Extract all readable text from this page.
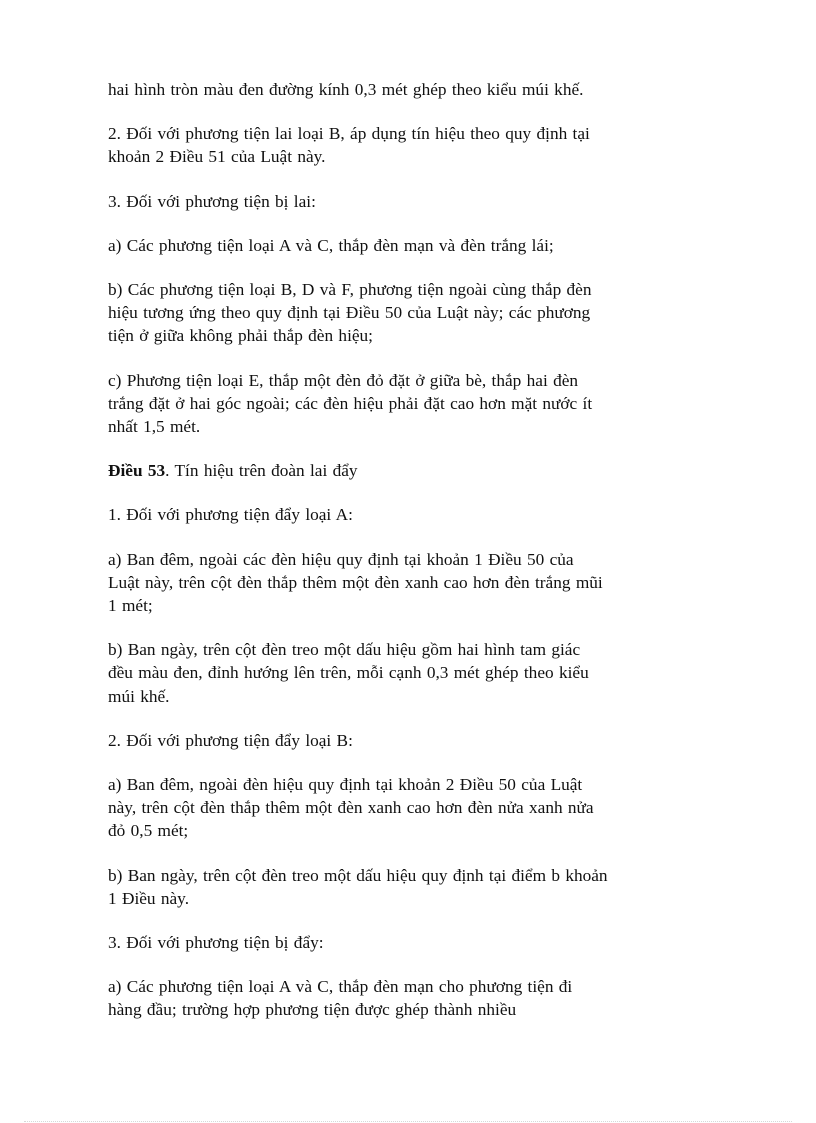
hai hình tròn màu đen đường kính 0,3 mét ghép theo kiểu múi khế.

2. Đối với phương tiện lai loại B, áp dụng tín hiệu theo quy định tại khoản 2 Điều 51 của Luật này.

3. Đối với phương tiện bị lai:

a) Các phương tiện loại A và C, thắp đèn mạn và đèn trắng lái;

b) Các phương tiện loại B, D và F, phương tiện ngoài cùng thắp đèn hiệu tương ứng theo quy định tại Điều 50 của Luật này; các phương tiện ở giữa không phải thắp đèn hiệu;

c) Phương tiện loại E, thắp một đèn đỏ đặt ở giữa bè, thắp hai đèn trắng đặt ở hai góc ngoài; các đèn hiệu phải đặt cao hơn mặt nước ít nhất 1,5 mét.

Điều 53. Tín hiệu trên đoàn lai đẩy

1. Đối với phương tiện đẩy loại A:

a) Ban đêm, ngoài các đèn hiệu quy định tại khoản 1 Điều 50 của Luật này, trên cột đèn thắp thêm một đèn xanh cao hơn đèn trắng mũi 1 mét;

b) Ban ngày, trên cột đèn treo một dấu hiệu gồm hai hình tam giác đều màu đen, đỉnh hướng lên trên, mỗi cạnh 0,3 mét ghép theo kiểu múi khế.

2. Đối với phương tiện đẩy loại B:

a) Ban đêm, ngoài đèn hiệu quy định tại khoản 2 Điều 50 của Luật này, trên cột đèn thắp thêm một đèn xanh cao hơn đèn nửa xanh nửa đỏ 0,5 mét;

b) Ban ngày, trên cột đèn treo một dấu hiệu quy định tại điểm b khoản 1 Điều này.

3. Đối với phương tiện bị đẩy:

a) Các phương tiện loại A và C, thắp đèn mạn cho phương tiện đi hàng đầu; trường hợp phương tiện được ghép thành nhiều
